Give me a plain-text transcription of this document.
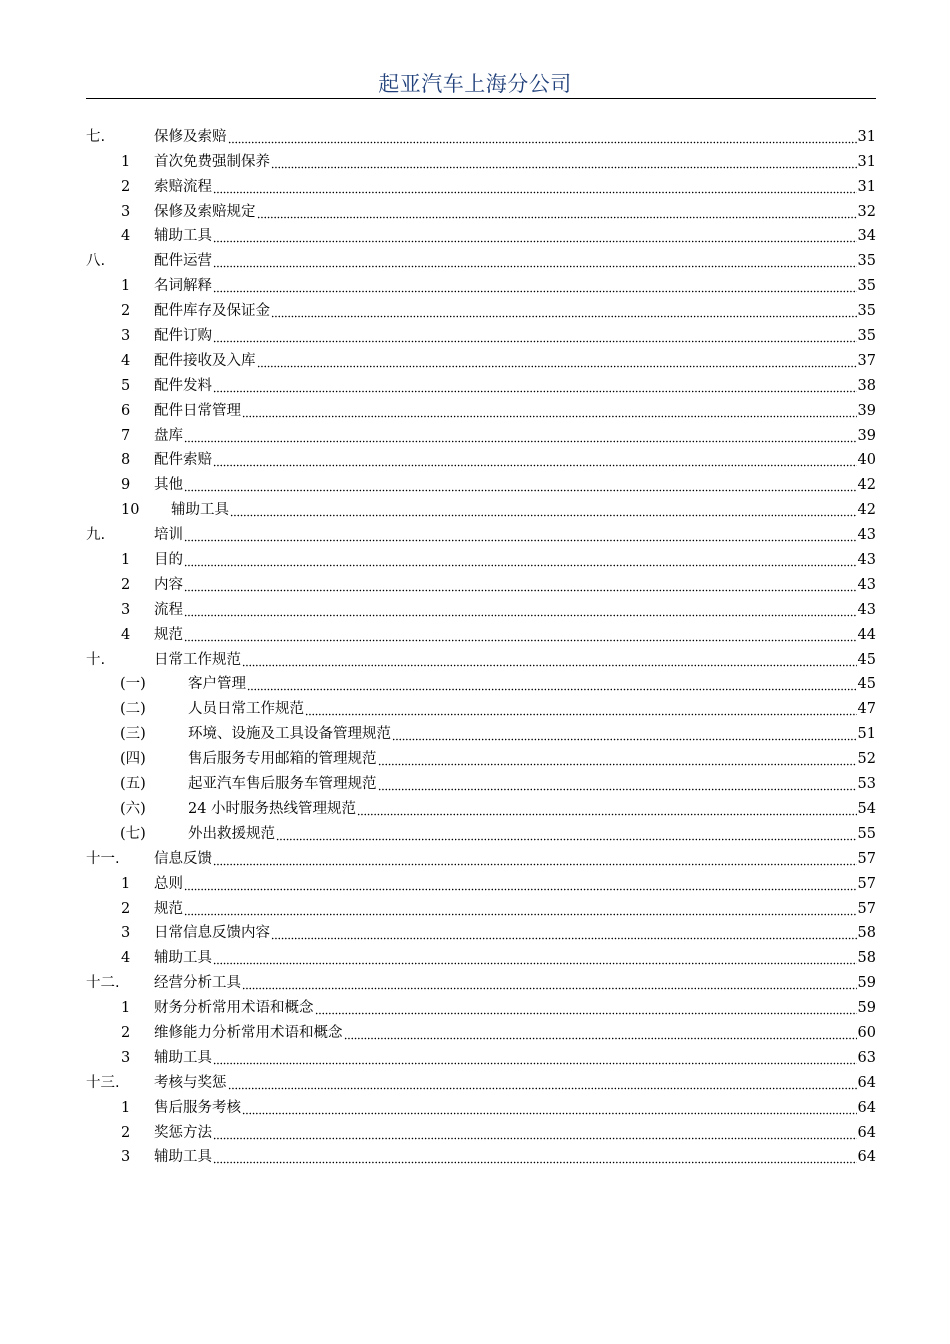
起亚汽车上海分公司
七.	保修及索赔	31
1 首次免费强制保养	31
2 索赔流程	31
3 保修及索赔规定	32
4 辅助工具	34
八.	配件运营	35
1 名词解释	35
2 配件库存及保证金	35
3 配件订购	35
4 配件接收及入库	37
5 配件发料	38
6 配件日常管理	39
7 盘库	39
8 配件索赔	40
9 其他	42
10 辅助工具	42
九.	培训	43
1 目的	43
2 内容	43
3 流程	43
4 规范	44
十.	日常工作规范	45
(一)	客户管理	45
(二)	人员日常工作规范	47
(三)	环境、设施及工具设备管理规范	51
(四)	售后服务专用邮箱的管理规范	52
(五)	起亚汽车售后服务车管理规范	53
(六)	24 小时服务热线管理规范	54
(七)	外出救援规范	55
十一. 信息反馈	57
1 总则	57
2 规范	57
3 日常信息反馈内容	58
4 辅助工具	58
十二. 经营分析工具	59
1 财务分析常用术语和概念	59
2 维修能力分析常用术语和概念	60
3 辅助工具	63
十三. 考核与奖惩	64
1 售后服务考核	64
2 奖惩方法	64
3 辅助工具	64
